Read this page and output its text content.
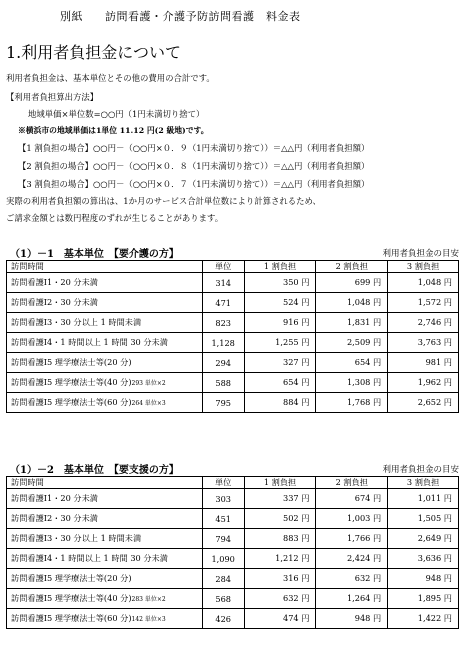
別紙 訪問看護・介護予防訪問看護　料金表
1.利用者負担金について
利用者負担金は、基本単位とその他の費用の合計です。
【利用者負担算出方法】
地域単価×単位数=○○円（1円未満切り捨て）
※横浜市の地域単価は1単位 11.12 円(2 級地)です。
【1 割負担の場合】○○円－（○○円×０．９（1円未満切り捨て））＝△△円（利用者負担額）
【2 割負担の場合】○○円－（○○円×０．８（1円未満切り捨て））＝△△円（利用者負担額）
【3 割負担の場合】○○円－（○○円×０．７（1円未満切り捨て））＝△△円（利用者負担額）
実際の利用者負担額の算出は、1か月のサービス合計単位数により計算されるため、
ご請求金額とは数円程度のずれが生じることがあります。
（1）－1　基本単位　【要介護の方】	利用者負担金の目安
訪問時間	単位	1 割負担	2 割負担	3 割負担
訪問看護Ⅰ1・20 分未満	314	350 円	699 円	1,048 円
訪問看護Ⅰ2・30 分未満	471	524 円	1,048 円	1,572 円
訪問看護Ⅰ3・30 分以上 1 時間未満	823	916 円	1,831 円	2,746 円
訪問看護Ⅰ4・1 時間以上 1 時間 30 分未満	1,128	1,255 円	2,509 円	3,763 円
訪問看護Ⅰ5 理学療法士等(20 分)	294	327 円	654 円	981 円
訪問看護Ⅰ5 理学療法士等(40 分)293 単位×2	588	654 円	1,308 円	1,962 円
訪問看護Ⅰ5 理学療法士等(60 分)264 単位×3	795	884 円	1,768 円	2,652 円
（1）－2　基本単位　【要支援の方】	利用者負担金の目安
訪問時間	単位	1 割負担	2 割負担	3 割負担
訪問看護Ⅰ1・20 分未満	303	337 円	674 円	1,011 円
訪問看護Ⅰ2・30 分未満	451	502 円	1,003 円	1,505 円
訪問看護Ⅰ3・30 分以上 1 時間未満	794	883 円	1,766 円	2,649 円
訪問看護Ⅰ4・1 時間以上 1 時間 30 分未満	1,090	1,212 円	2,424 円	3,636 円
訪問看護Ⅰ5 理学療法士等(20 分)	284	316 円	632 円	948 円
訪問看護Ⅰ5 理学療法士等(40 分)283 単位×2	568	632 円	1,264 円	1,895 円
訪問看護Ⅰ5 理学療法士等(60 分)142 単位×3	426	474 円	948 円	1,422 円
